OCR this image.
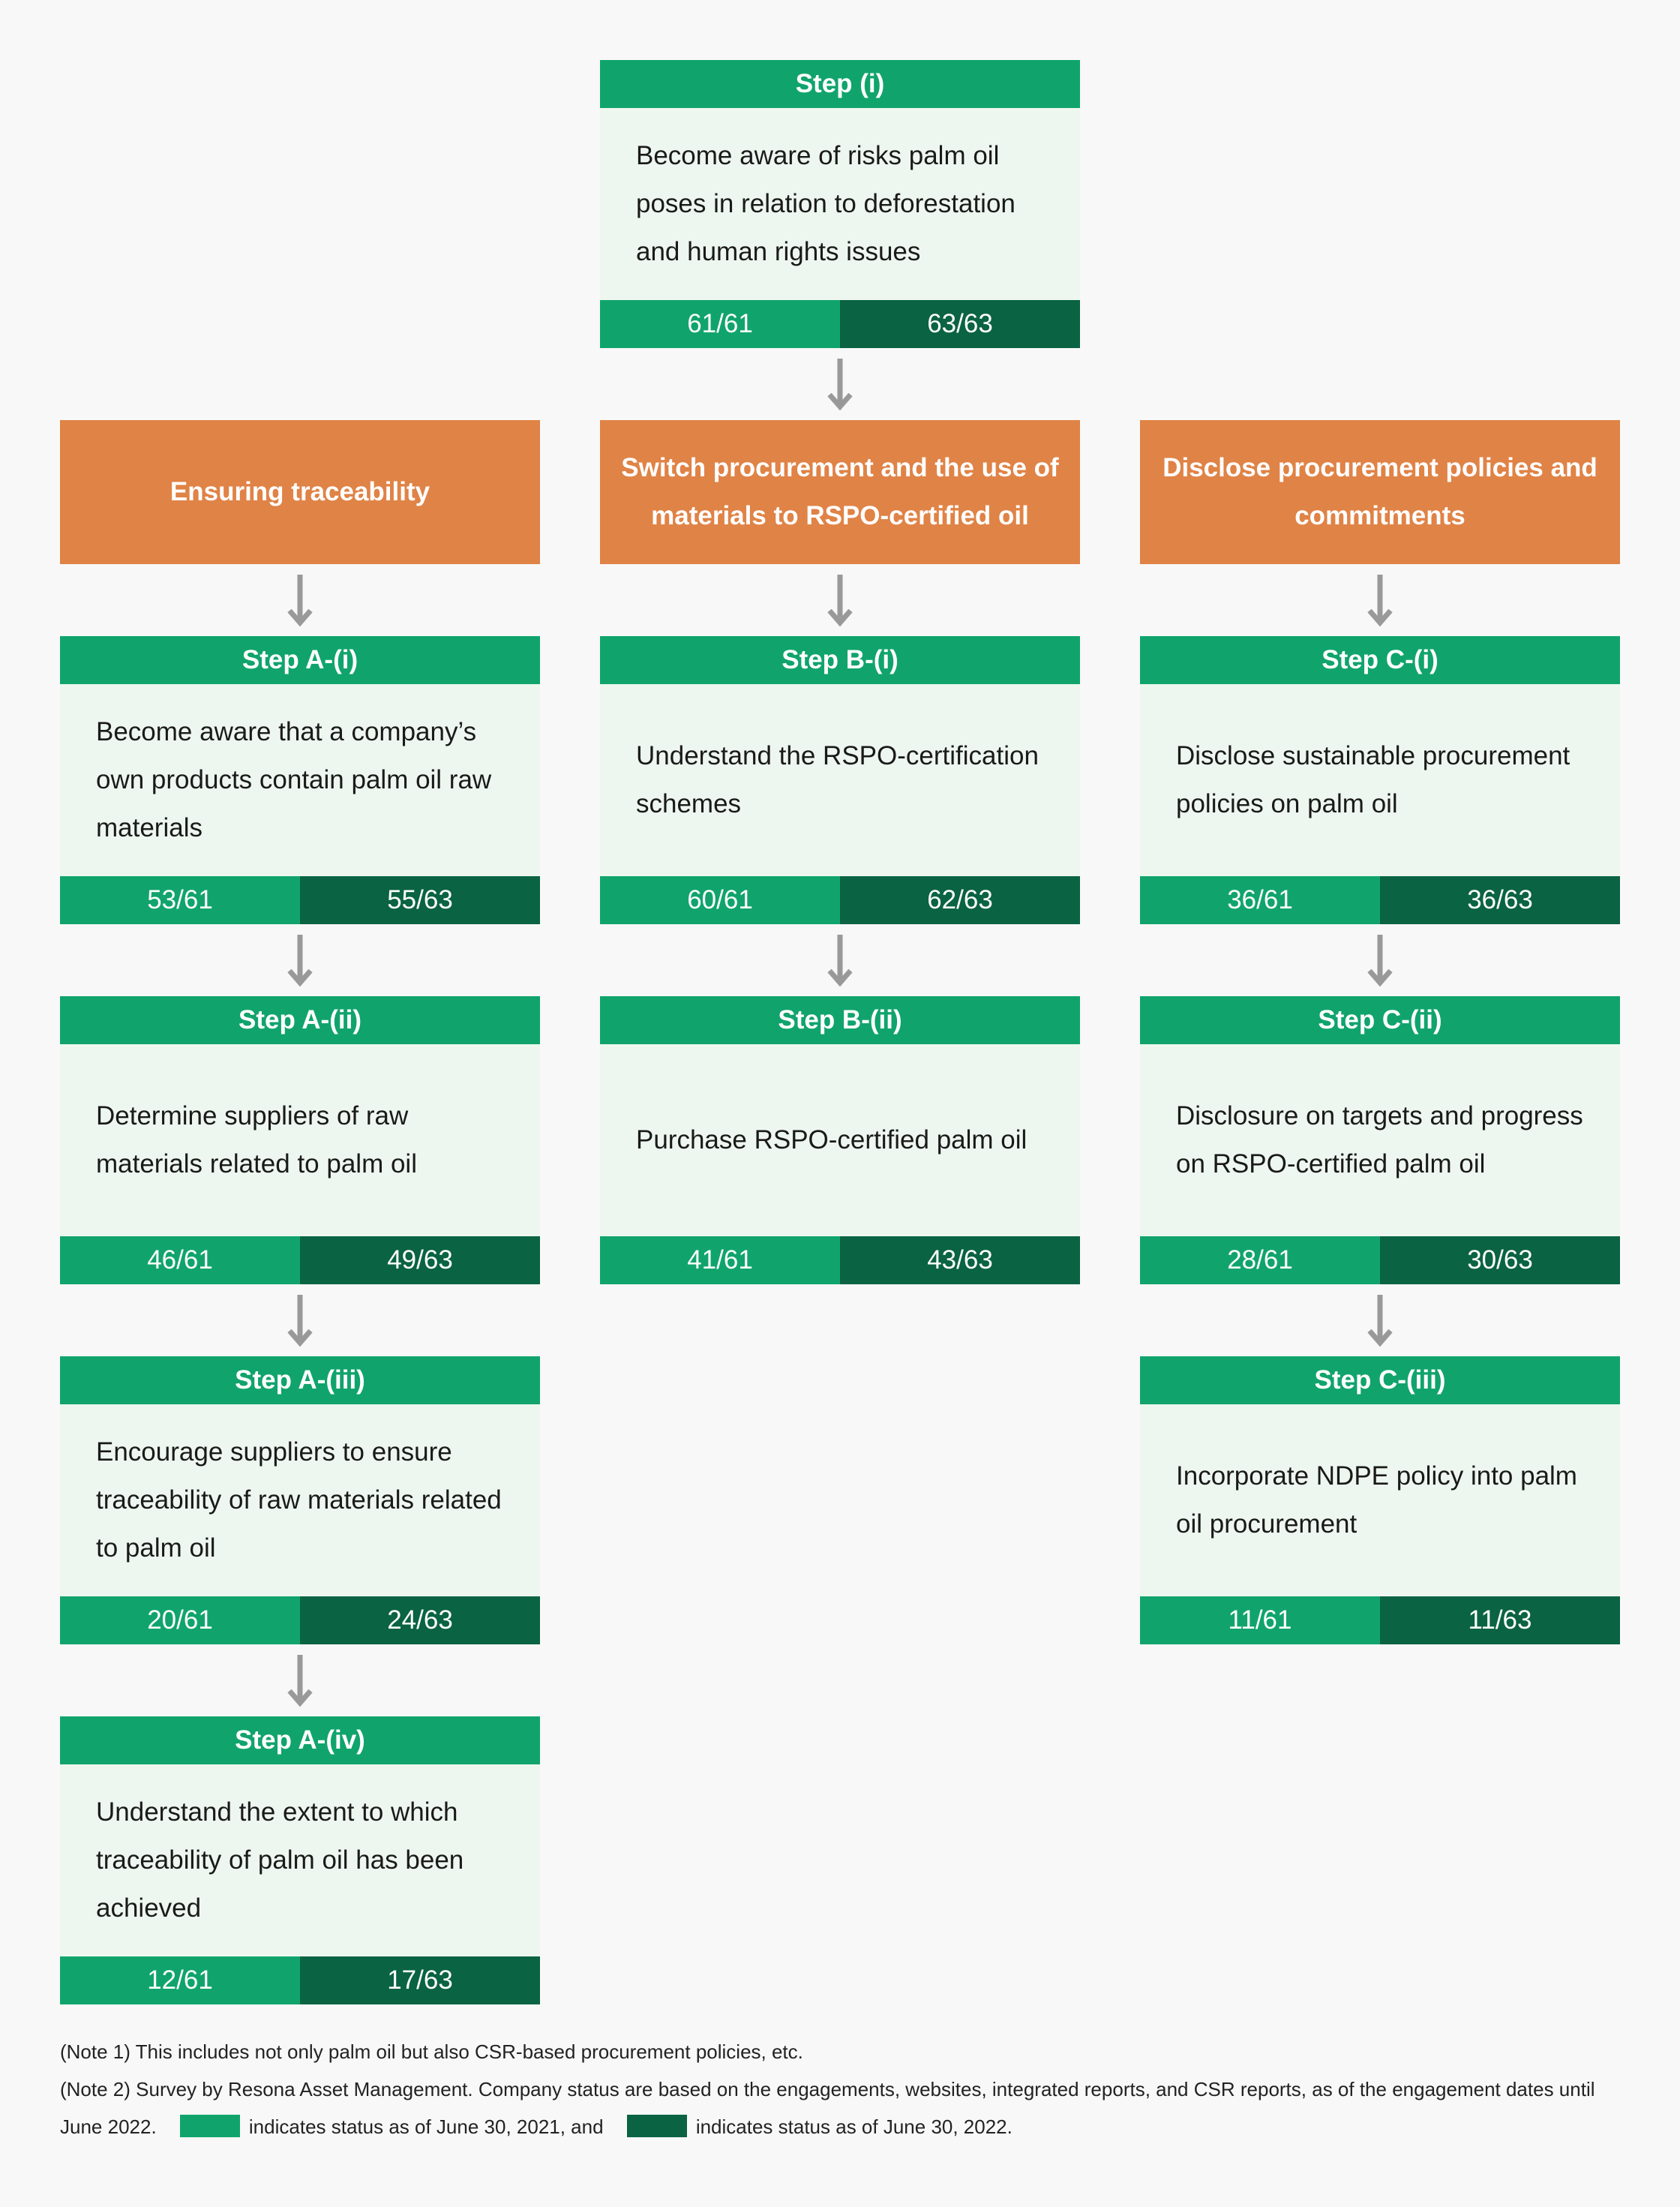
Step (i)
Become aware of risks palm oil poses in relation to deforestation and human rights issues
61/61	63/63
Ensuring traceability
Switch procurement and the use of materials to RSPO-certified oil
Disclose procurement policies and commitments
Step A-(i)
Become aware that a company’s own products contain palm oil raw materials
53/61	55/63
Step A-(ii)
Determine suppliers of raw materials related to palm oil
46/61	49/63
Step A-(iii)
Encourage suppliers to ensure traceability of raw materials related to palm oil
20/61	24/63
Step A-(iv)
Understand the extent to which traceability of palm oil has been achieved
12/61	17/63
Step B-(i)
Understand the RSPO-certification schemes
60/61	62/63
Step B-(ii)
Purchase RSPO-certified palm oil
41/61	43/63
Step C-(i)
Disclose sustainable procurement policies on palm oil
36/61	36/63
Step C-(ii)
Disclosure on targets and progress on RSPO-certified palm oil
28/61	30/63
Step C-(iii)
Incorporate NDPE policy into palm oil procurement
11/61	11/63
(Note 1) This includes not only palm oil but also CSR-based procurement policies, etc.
(Note 2) Survey by Resona Asset Management. Company status are based on the engagements, websites, integrated reports, and CSR reports, as of the engagement dates until June 2022.	indicates status as of June 30, 2021, and	indicates status as of June 30, 2022.
